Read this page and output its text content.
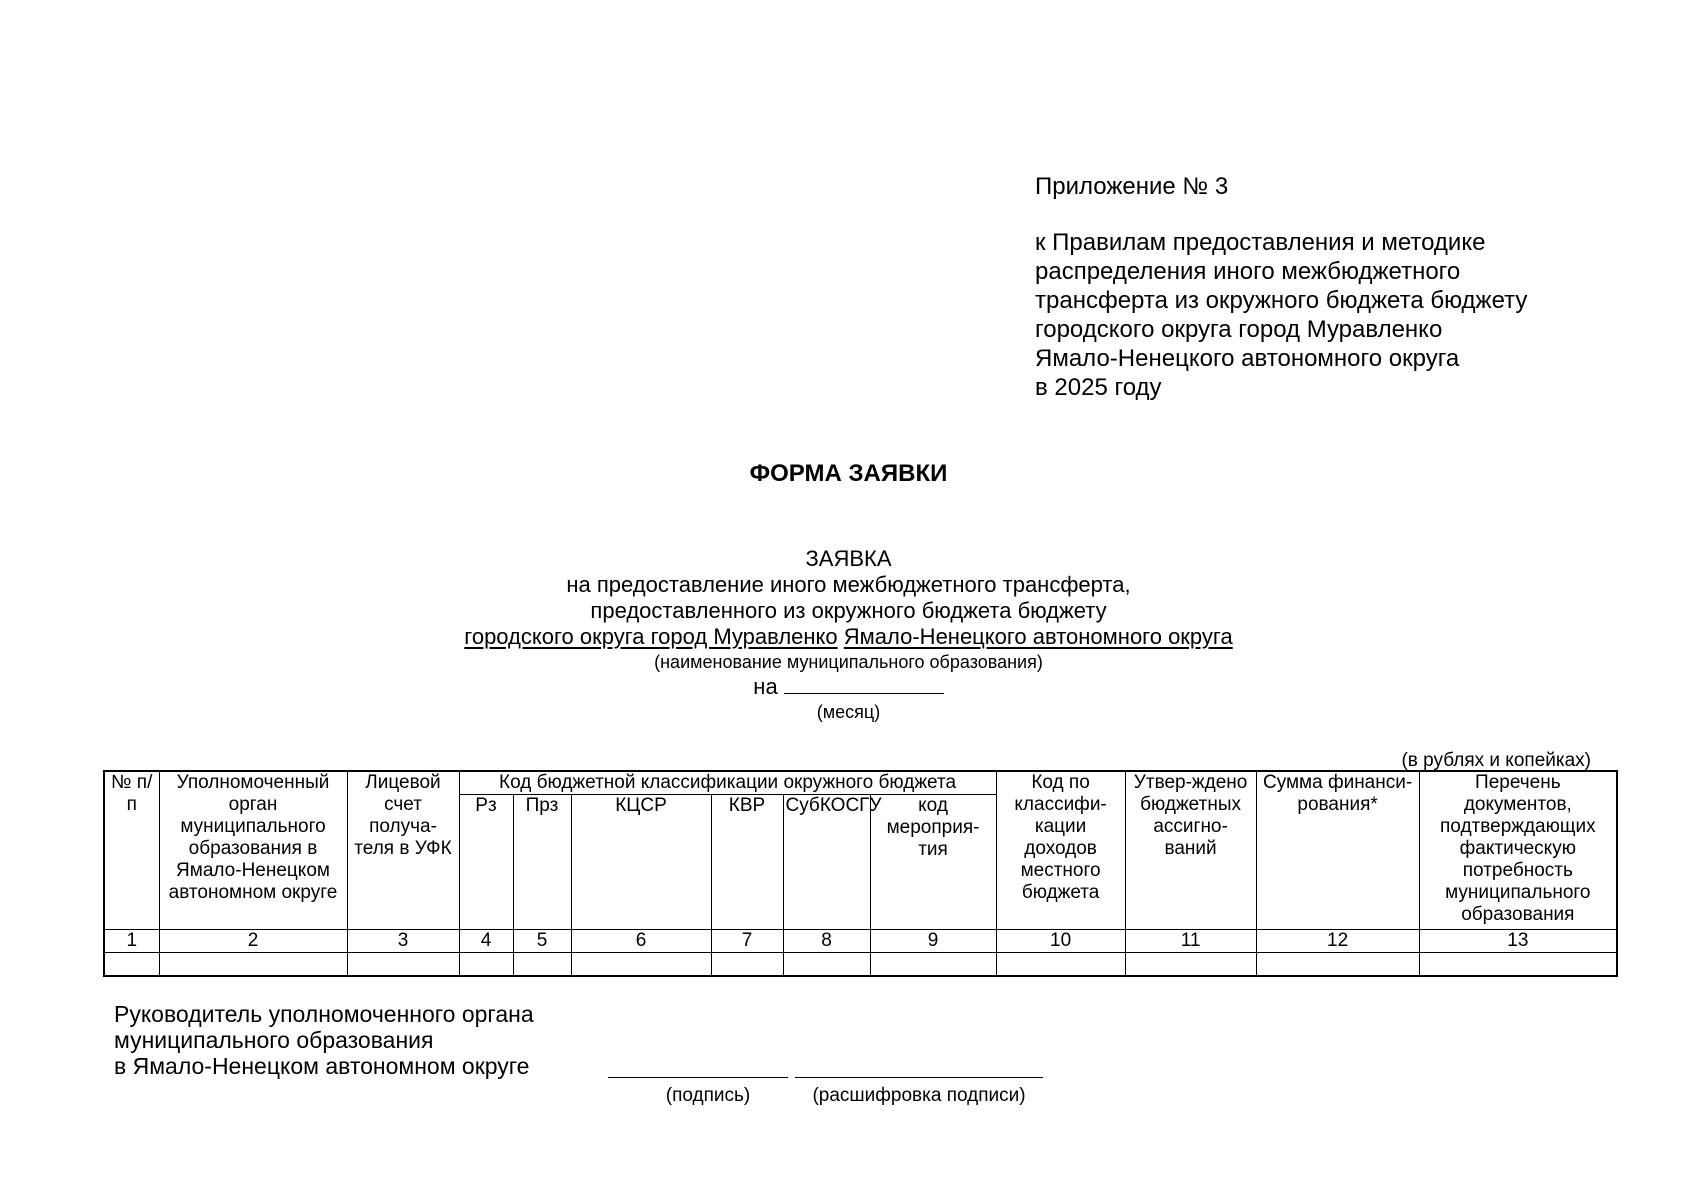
Приложение № 3
к Правилам предоставления и методике
распределения иного межбюджетного
трансферта из окружного бюджета бюджету
городского округа город Муравленко
Ямало-Ненецкого автономного округа
в 2025 году
ФОРМА ЗАЯВКИ
ЗАЯВКА
на предоставление иного межбюджетного трансферта,
предоставленного из окружного бюджета бюджету
городского округа город Муравленко Ямало-Ненецкого автономного округа
(наименование муниципального образования)
на
(месяц)
(в рублях и копейках)
№ п/п	Уполномоченный орган муниципального образования в Ямало-Ненецком автономном округе	Лицевой счет получа-теля в УФК	Код бюджетной классификации окружного бюджета						Код по классифи-кации доходов местного бюджета	Утвер-ждено бюджетных ассигно-ваний	Сумма финанси-рования*	Перечень документов, подтверждающих фактическую потребность муниципального образования
			Рз	Прз	КЦСР	КВР	СубКОСГУ	код мероприя-тия				
1	2	3	4	5	6	7	8	9	10	11	12	13

Руководитель уполномоченного органа
муниципального образования
в Ямало-Ненецком автономном округе
(подпись)	(расшифровка подписи)
